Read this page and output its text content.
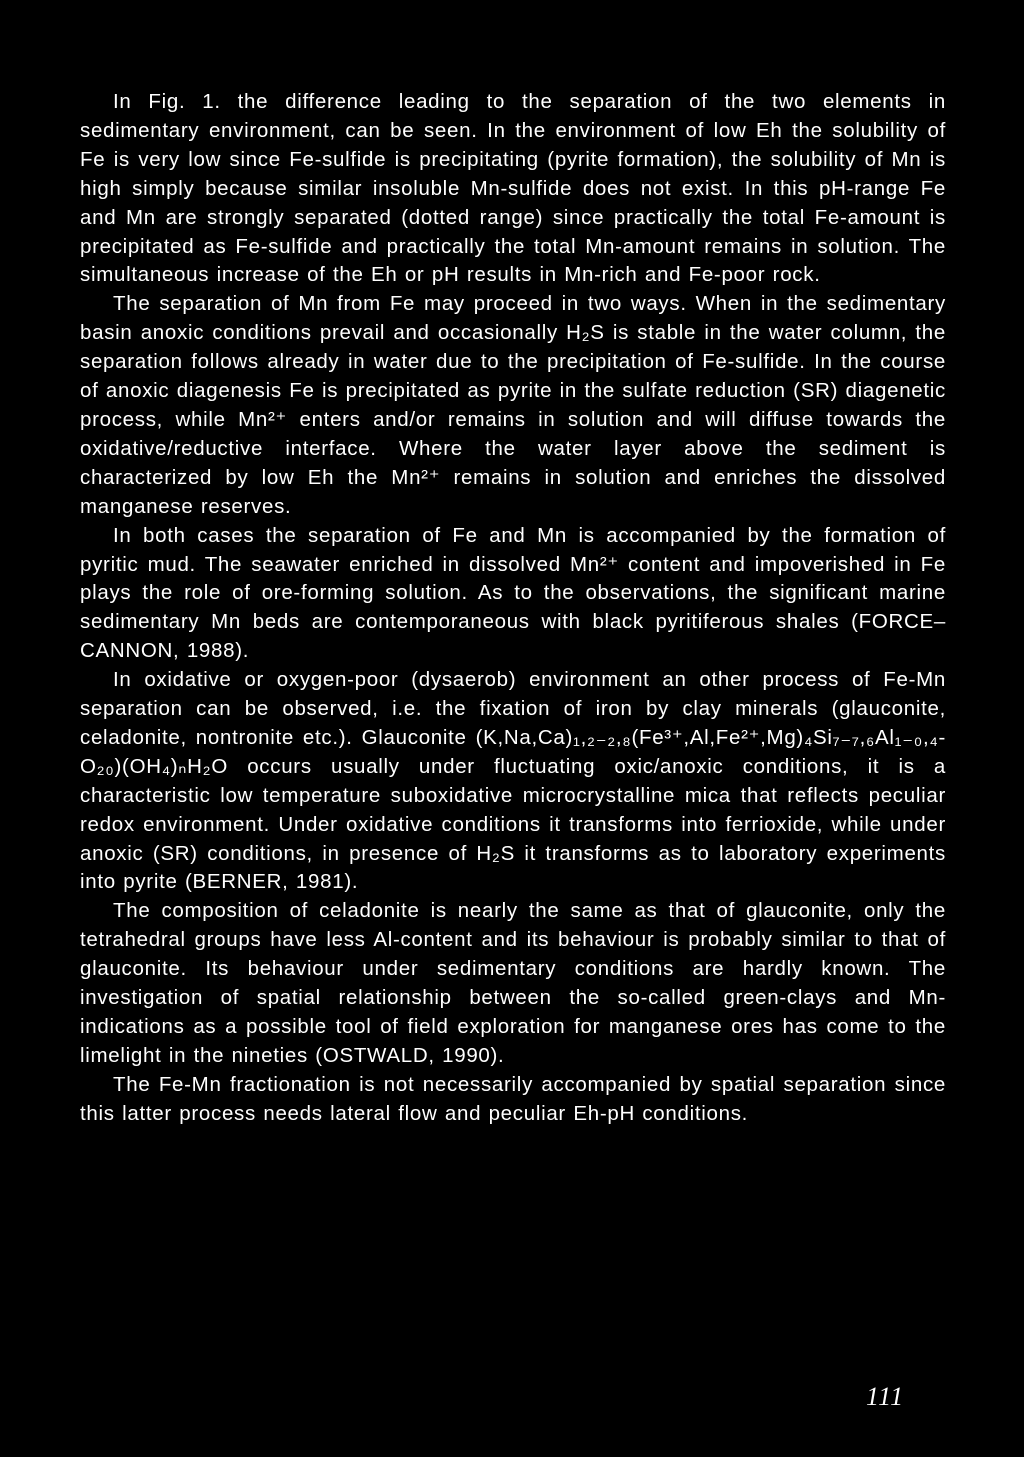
In Fig. 1. the difference leading to the separation of the two elements in sedimentary environment, can be seen. In the environment of low Eh the solubility of Fe is very low since Fe-sulfide is precipitating (pyrite formation), the solubility of Mn is high simply because similar insoluble Mn-sulfide does not exist. In this pH-range Fe and Mn are strongly separated (dotted range) since practically the total Fe-amount is precipitated as Fe-sulfide and practically the total Mn-amount remains in solution. The simultaneous increase of the Eh or pH results in Mn-rich and Fe-poor rock.

The separation of Mn from Fe may proceed in two ways. When in the sedimentary basin anoxic conditions prevail and occasionally H₂S is stable in the water column, the separation follows already in water due to the precipitation of Fe-sulfide. In the course of anoxic diagenesis Fe is precipitated as pyrite in the sulfate reduction (SR) diagenetic process, while Mn²⁺ enters and/or remains in solution and will diffuse towards the oxidative/reductive interface. Where the water layer above the sediment is characterized by low Eh the Mn²⁺ remains in solution and enriches the dissolved manganese reserves.

In both cases the separation of Fe and Mn is accompanied by the formation of pyritic mud. The seawater enriched in dissolved Mn²⁺ content and impoverished in Fe plays the role of ore-forming solution. As to the observations, the significant marine sedimentary Mn beds are contemporaneous with black pyritiferous shales (FORCE–CANNON, 1988).

In oxidative or oxygen-poor (dysaerob) environment an other process of Fe-Mn separation can be observed, i.e. the fixation of iron by clay minerals (glauconite, celadonite, nontronite etc.). Glauconite (K,Na,Ca)₁,₂₋₂,₈(Fe³⁺,Al,Fe²⁺,Mg)₄Si₇₋₇,₆Al₁₋₀,₄-O₂₀)(OH₄)ₙH₂O occurs usually under fluctuating oxic/anoxic conditions, it is a characteristic low temperature suboxidative microcrystalline mica that reflects peculiar redox environment. Under oxidative conditions it transforms into ferrioxide, while under anoxic (SR) conditions, in presence of H₂S it transforms as to laboratory experiments into pyrite (BERNER, 1981).

The composition of celadonite is nearly the same as that of glauconite, only the tetrahedral groups have less Al-content and its behaviour is probably similar to that of glauconite. Its behaviour under sedimentary conditions are hardly known. The investigation of spatial relationship between the so-called green-clays and Mn-indications as a possible tool of field exploration for manganese ores has come to the limelight in the nineties (OSTWALD, 1990).

The Fe-Mn fractionation is not necessarily accompanied by spatial separation since this latter process needs lateral flow and peculiar Eh-pH conditions.

111
